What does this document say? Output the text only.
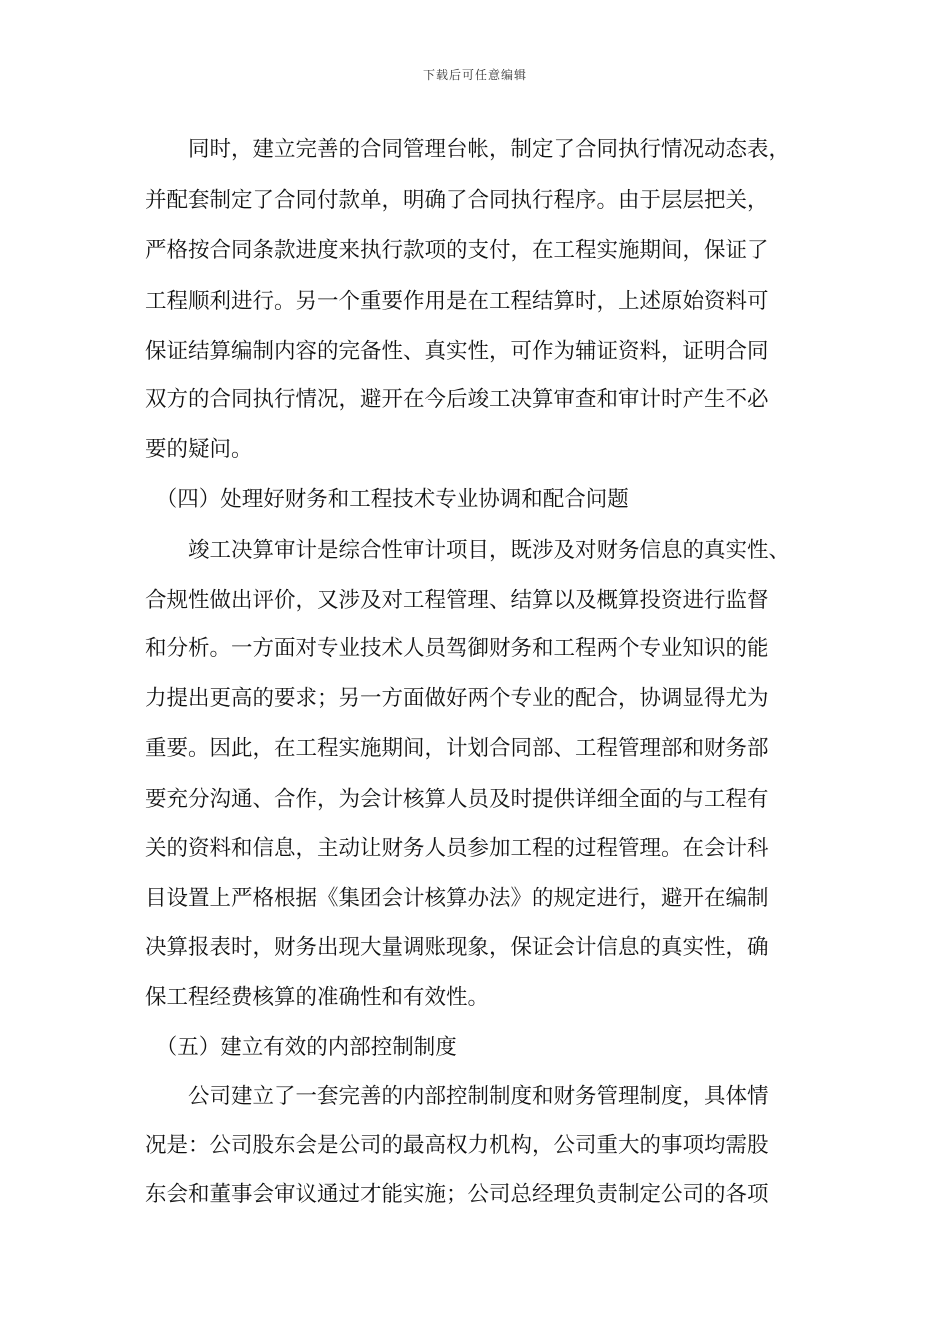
下载后可任意编辑
　　同时，建立完善的合同管理台帐，制定了合同执行情况动态表，
并配套制定了合同付款单，明确了合同执行程序。由于层层把关，
严格按合同条款进度来执行款项的支付，在工程实施期间，保证了
工程顺利进行。另一个重要作用是在工程结算时，上述原始资料可
保证结算编制内容的完备性、真实性，可作为辅证资料，证明合同
双方的合同执行情况，避开在今后竣工决算审查和审计时产生不必
要的疑问。
　（四）处理好财务和工程技术专业协调和配合问题
　　竣工决算审计是综合性审计项目，既涉及对财务信息的真实性、
合规性做出评价，又涉及对工程管理、结算以及概算投资进行监督
和分析。一方面对专业技术人员驾御财务和工程两个专业知识的能
力提出更高的要求；另一方面做好两个专业的配合，协调显得尤为
重要。因此，在工程实施期间，计划合同部、工程管理部和财务部
要充分沟通、合作，为会计核算人员及时提供详细全面的与工程有
关的资料和信息，主动让财务人员参加工程的过程管理。在会计科
目设置上严格根据《集团会计核算办法》的规定进行，避开在编制
决算报表时，财务出现大量调账现象，保证会计信息的真实性，确
保工程经费核算的准确性和有效性。
　（五）建立有效的内部控制制度
　　公司建立了一套完善的内部控制制度和财务管理制度，具体情
况是：公司股东会是公司的最高权力机构，公司重大的事项均需股
东会和董事会审议通过才能实施；公司总经理负责制定公司的各项
